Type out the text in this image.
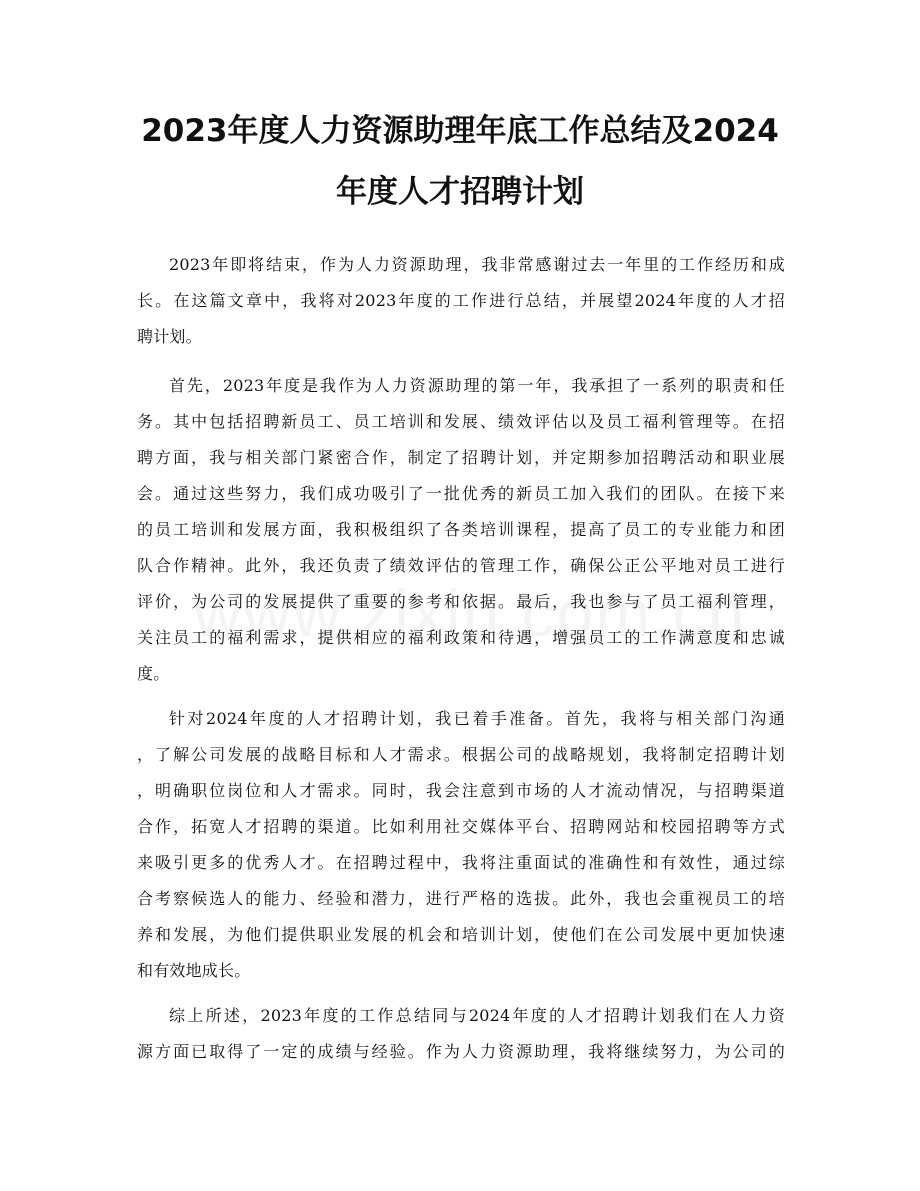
2023年度人力资源助理年底工作总结及2024
年度人才招聘计划
2023年即将结束，作为人力资源助理，我非常感谢过去一年里的工作经历和成
长。在这篇文章中，我将对2023年度的工作进行总结，并展望2024年度的人才招
聘计划。
首先，2023年度是我作为人力资源助理的第一年，我承担了一系列的职责和任
务。其中包括招聘新员工、员工培训和发展、绩效评估以及员工福利管理等。在招
聘方面，我与相关部门紧密合作，制定了招聘计划，并定期参加招聘活动和职业展
会。通过这些努力，我们成功吸引了一批优秀的新员工加入我们的团队。在接下来
的员工培训和发展方面，我积极组织了各类培训课程，提高了员工的专业能力和团
队合作精神。此外，我还负责了绩效评估的管理工作，确保公正公平地对员工进行
评价，为公司的发展提供了重要的参考和依据。最后，我也参与了员工福利管理，
关注员工的福利需求，提供相应的福利政策和待遇，增强员工的工作满意度和忠诚
度。
针对2024年度的人才招聘计划，我已着手准备。首先，我将与相关部门沟通
，了解公司发展的战略目标和人才需求。根据公司的战略规划，我将制定招聘计划
，明确职位岗位和人才需求。同时，我会注意到市场的人才流动情况，与招聘渠道
合作，拓宽人才招聘的渠道。比如利用社交媒体平台、招聘网站和校园招聘等方式
来吸引更多的优秀人才。在招聘过程中，我将注重面试的准确性和有效性，通过综
合考察候选人的能力、经验和潜力，进行严格的选拔。此外，我也会重视员工的培
养和发展，为他们提供职业发展的机会和培训计划，使他们在公司发展中更加快速
和有效地成长。
综上所述，2023年度的工作总结同与2024年度的人才招聘计划我们在人力资
源方面已取得了一定的成绩与经验。作为人力资源助理，我将继续努力，为公司的
